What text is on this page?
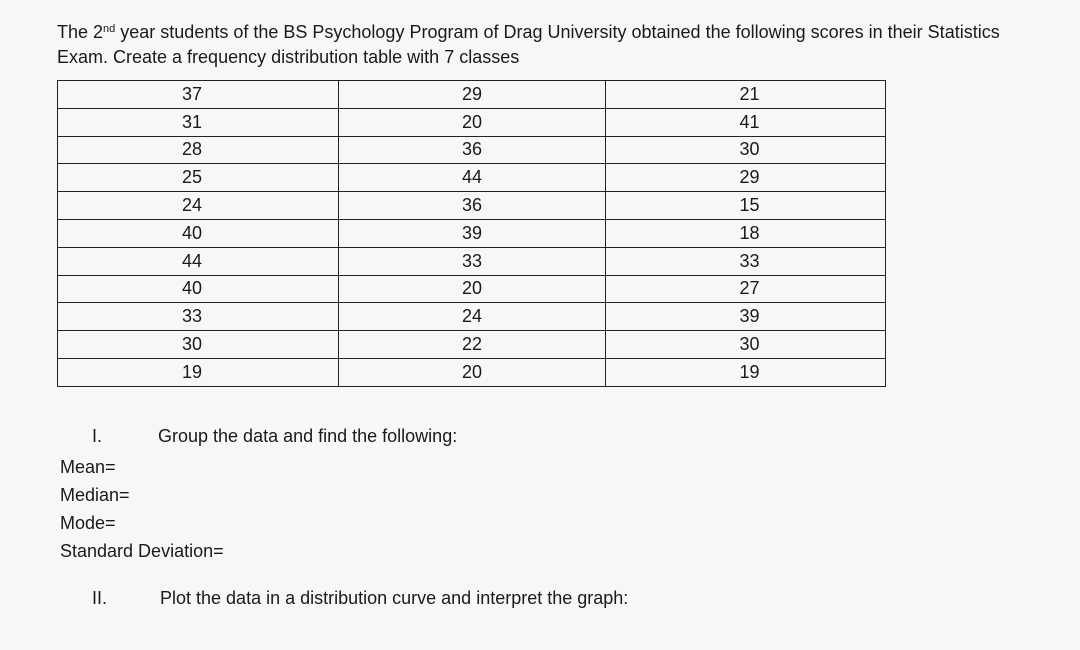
The 2nd year students of the BS Psychology Program of Drag University obtained the following scores in their Statistics Exam. Create a frequency distribution table with 7 classes
37	29	21
31	20	41
28	36	30
25	44	29
24	36	15
40	39	18
44	33	33
40	20	27
33	24	39
30	22	30
19	20	19
I.	Group the data and find the following:
Mean=
Median=
Mode=
Standard Deviation=
II.	Plot the data in a distribution curve and interpret the graph:
